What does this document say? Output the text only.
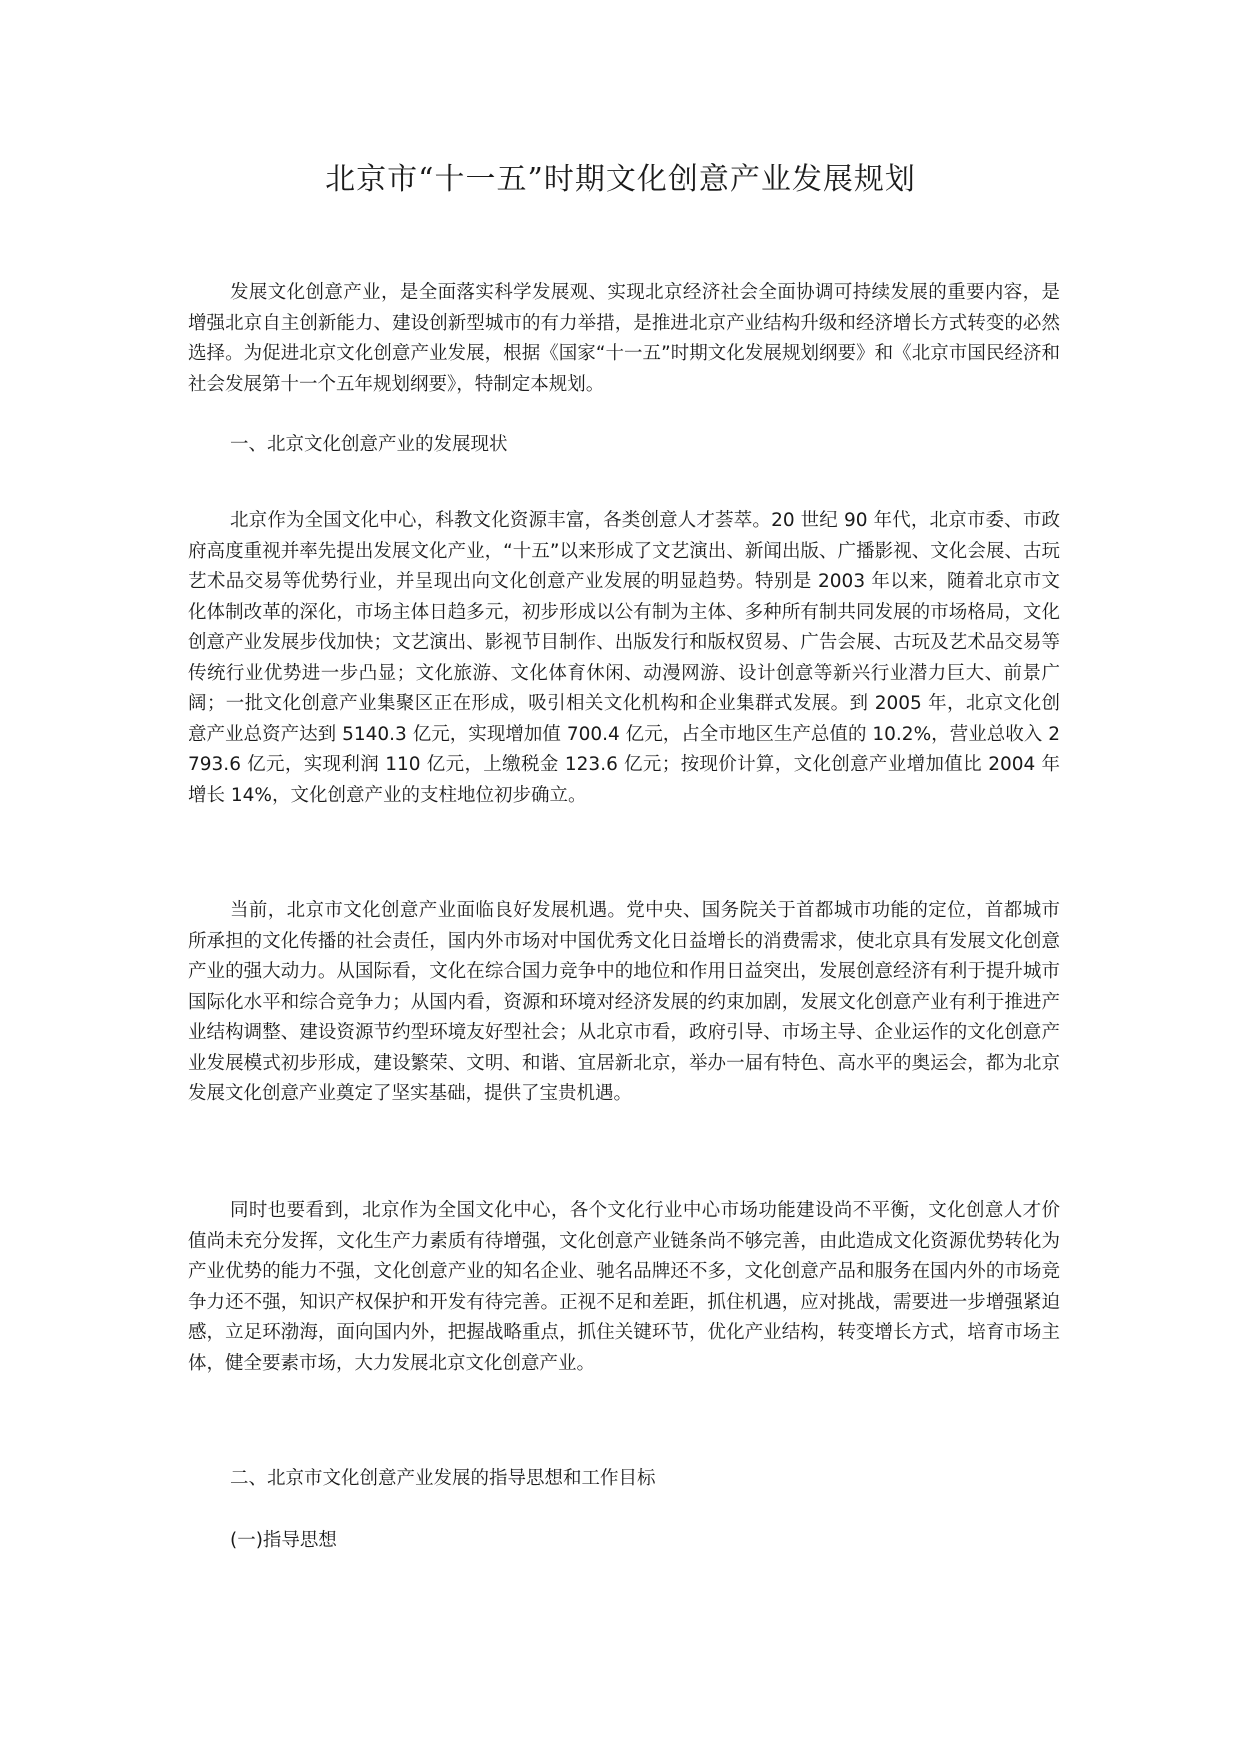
北京市“十一五”时期文化创意产业发展规划

发展文化创意产业，是全面落实科学发展观、实现北京经济社会全面协调可持续发展的重要内容，是增强北京自主创新能力、建设创新型城市的有力举措，是推进北京产业结构升级和经济增长方式转变的必然选择。为促进北京文化创意产业发展，根据《国家“十一五”时期文化发展规划纲要》和《北京市国民经济和社会发展第十一个五年规划纲要》，特制定本规划。

一、北京文化创意产业的发展现状

北京作为全国文化中心，科教文化资源丰富，各类创意人才荟萃。20 世纪 90 年代，北京市委、市政府高度重视并率先提出发展文化产业，“十五”以来形成了文艺演出、新闻出版、广播影视、文化会展、古玩艺术品交易等优势行业，并呈现出向文化创意产业发展的明显趋势。特别是 2003 年以来，随着北京市文化体制改革的深化，市场主体日趋多元，初步形成以公有制为主体、多种所有制共同发展的市场格局，文化创意产业发展步伐加快；文艺演出、影视节目制作、出版发行和版权贸易、广告会展、古玩及艺术品交易等传统行业优势进一步凸显；文化旅游、文化体育休闲、动漫网游、设计创意等新兴行业潜力巨大、前景广阔；一批文化创意产业集聚区正在形成，吸引相关文化机构和企业集群式发展。到 2005 年，北京文化创意产业总资产达到 5140.3 亿元，实现增加值 700.4 亿元，占全市地区生产总值的 10.2%，营业总收入 2793.6 亿元，实现利润 110 亿元，上缴税金 123.6 亿元；按现价计算，文化创意产业增加值比 2004 年增长 14%，文化创意产业的支柱地位初步确立。

当前，北京市文化创意产业面临良好发展机遇。党中央、国务院关于首都城市功能的定位，首都城市所承担的文化传播的社会责任，国内外市场对中国优秀文化日益增长的消费需求，使北京具有发展文化创意产业的强大动力。从国际看，文化在综合国力竞争中的地位和作用日益突出，发展创意经济有利于提升城市国际化水平和综合竞争力；从国内看，资源和环境对经济发展的约束加剧，发展文化创意产业有利于推进产业结构调整、建设资源节约型环境友好型社会；从北京市看，政府引导、市场主导、企业运作的文化创意产业发展模式初步形成，建设繁荣、文明、和谐、宜居新北京，举办一届有特色、高水平的奥运会，都为北京发展文化创意产业奠定了坚实基础，提供了宝贵机遇。

同时也要看到，北京作为全国文化中心，各个文化行业中心市场功能建设尚不平衡，文化创意人才价值尚未充分发挥，文化生产力素质有待增强，文化创意产业链条尚不够完善，由此造成文化资源优势转化为产业优势的能力不强，文化创意产业的知名企业、驰名品牌还不多，文化创意产品和服务在国内外的市场竞争力还不强，知识产权保护和开发有待完善。正视不足和差距，抓住机遇，应对挑战，需要进一步增强紧迫感，立足环渤海，面向国内外，把握战略重点，抓住关键环节，优化产业结构，转变增长方式，培育市场主体，健全要素市场，大力发展北京文化创意产业。

二、北京市文化创意产业发展的指导思想和工作目标

(一)指导思想
